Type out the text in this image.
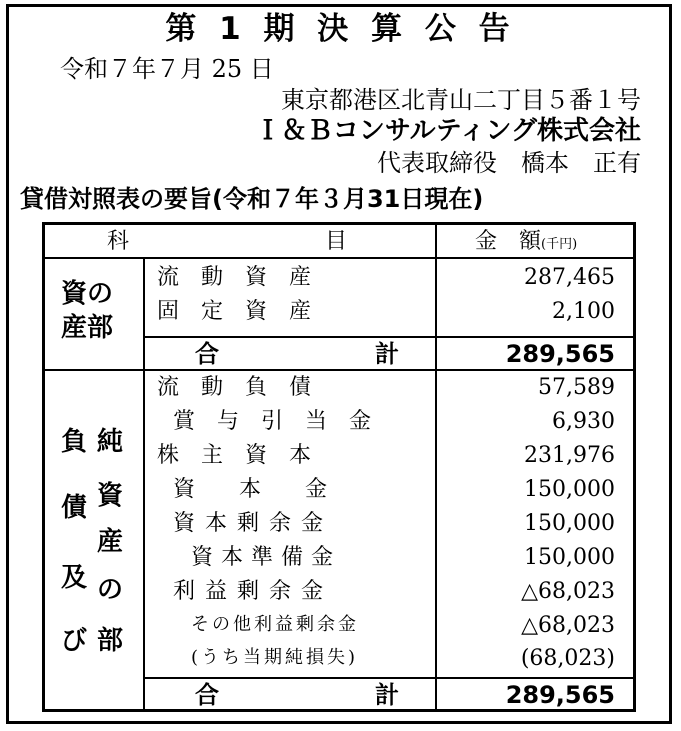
第 1 期 決 算 公 告
令和７年７月 25 日
東京都港区北青山二丁目５番１号
Ｉ＆Ｂコンサルティング株式会社
代表取締役　橋本　正有
貸借対照表の要旨(令和７年３月31日現在)
科	目	金　額(千円)
資の
産部
流　動　資　産	287,465
固　定　資　産	2,100
合	計	289,565
負
債
及
び
純
資
産
の
部
流　動　負　債	57,589
賞　与　引　当　金	6,930
株　主　資　本	231,976
資　　本　　金	150,000
資本剰余金	150,000
資本準備金	150,000
利益剰余金	△68,023
その他利益剰余金	△68,023
(うち当期純損失)	(68,023)
合	計	289,565
